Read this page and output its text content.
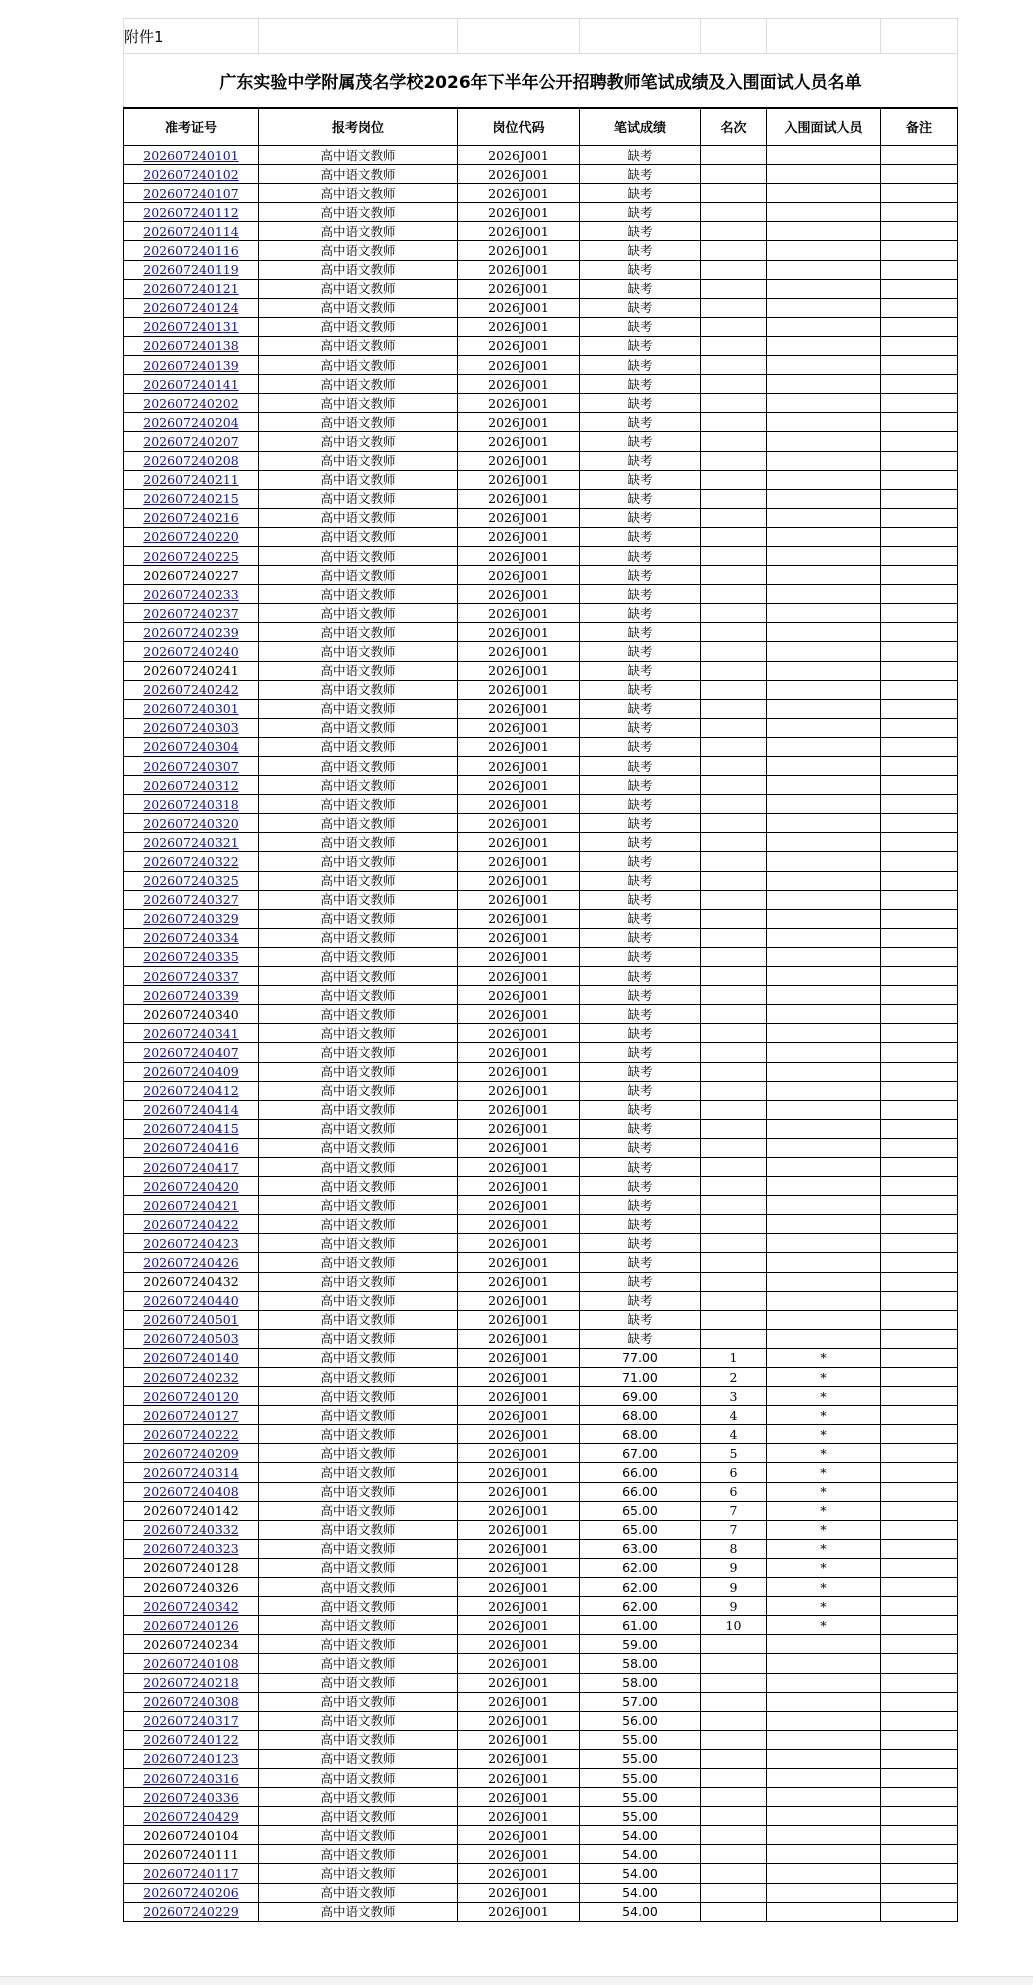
附件1						
广东实验中学附属茂名学校2026年下半年公开招聘教师笔试成绩及入围面试人员名单						
准考证号	报考岗位	岗位代码	笔试成绩	名次	入围面试人员	备注
202607240101	高中语文教师	2026J001	缺考			
202607240102	高中语文教师	2026J001	缺考			
202607240107	高中语文教师	2026J001	缺考			
202607240112	高中语文教师	2026J001	缺考			
202607240114	高中语文教师	2026J001	缺考			
202607240116	高中语文教师	2026J001	缺考			
202607240119	高中语文教师	2026J001	缺考			
202607240121	高中语文教师	2026J001	缺考			
202607240124	高中语文教师	2026J001	缺考			
202607240131	高中语文教师	2026J001	缺考			
202607240138	高中语文教师	2026J001	缺考			
202607240139	高中语文教师	2026J001	缺考			
202607240141	高中语文教师	2026J001	缺考			
202607240202	高中语文教师	2026J001	缺考			
202607240204	高中语文教师	2026J001	缺考			
202607240207	高中语文教师	2026J001	缺考			
202607240208	高中语文教师	2026J001	缺考			
202607240211	高中语文教师	2026J001	缺考			
202607240215	高中语文教师	2026J001	缺考			
202607240216	高中语文教师	2026J001	缺考			
202607240220	高中语文教师	2026J001	缺考			
202607240225	高中语文教师	2026J001	缺考			
202607240227	高中语文教师	2026J001	缺考			
202607240233	高中语文教师	2026J001	缺考			
202607240237	高中语文教师	2026J001	缺考			
202607240239	高中语文教师	2026J001	缺考			
202607240240	高中语文教师	2026J001	缺考			
202607240241	高中语文教师	2026J001	缺考			
202607240242	高中语文教师	2026J001	缺考			
202607240301	高中语文教师	2026J001	缺考			
202607240303	高中语文教师	2026J001	缺考			
202607240304	高中语文教师	2026J001	缺考			
202607240307	高中语文教师	2026J001	缺考			
202607240312	高中语文教师	2026J001	缺考			
202607240318	高中语文教师	2026J001	缺考			
202607240320	高中语文教师	2026J001	缺考			
202607240321	高中语文教师	2026J001	缺考			
202607240322	高中语文教师	2026J001	缺考			
202607240325	高中语文教师	2026J001	缺考			
202607240327	高中语文教师	2026J001	缺考			
202607240329	高中语文教师	2026J001	缺考			
202607240334	高中语文教师	2026J001	缺考			
202607240335	高中语文教师	2026J001	缺考			
202607240337	高中语文教师	2026J001	缺考			
202607240339	高中语文教师	2026J001	缺考			
202607240340	高中语文教师	2026J001	缺考			
202607240341	高中语文教师	2026J001	缺考			
202607240407	高中语文教师	2026J001	缺考			
202607240409	高中语文教师	2026J001	缺考			
202607240412	高中语文教师	2026J001	缺考			
202607240414	高中语文教师	2026J001	缺考			
202607240415	高中语文教师	2026J001	缺考			
202607240416	高中语文教师	2026J001	缺考			
202607240417	高中语文教师	2026J001	缺考			
202607240420	高中语文教师	2026J001	缺考			
202607240421	高中语文教师	2026J001	缺考			
202607240422	高中语文教师	2026J001	缺考			
202607240423	高中语文教师	2026J001	缺考			
202607240426	高中语文教师	2026J001	缺考			
202607240432	高中语文教师	2026J001	缺考			
202607240440	高中语文教师	2026J001	缺考			
202607240501	高中语文教师	2026J001	缺考			
202607240503	高中语文教师	2026J001	缺考			
202607240140	高中语文教师	2026J001	77.00	1	*	
202607240232	高中语文教师	2026J001	71.00	2	*	
202607240120	高中语文教师	2026J001	69.00	3	*	
202607240127	高中语文教师	2026J001	68.00	4	*	
202607240222	高中语文教师	2026J001	68.00	4	*	
202607240209	高中语文教师	2026J001	67.00	5	*	
202607240314	高中语文教师	2026J001	66.00	6	*	
202607240408	高中语文教师	2026J001	66.00	6	*	
202607240142	高中语文教师	2026J001	65.00	7	*	
202607240332	高中语文教师	2026J001	65.00	7	*	
202607240323	高中语文教师	2026J001	63.00	8	*	
202607240128	高中语文教师	2026J001	62.00	9	*	
202607240326	高中语文教师	2026J001	62.00	9	*	
202607240342	高中语文教师	2026J001	62.00	9	*	
202607240126	高中语文教师	2026J001	61.00	10	*	
202607240234	高中语文教师	2026J001	59.00			
202607240108	高中语文教师	2026J001	58.00			
202607240218	高中语文教师	2026J001	58.00			
202607240308	高中语文教师	2026J001	57.00			
202607240317	高中语文教师	2026J001	56.00			
202607240122	高中语文教师	2026J001	55.00			
202607240123	高中语文教师	2026J001	55.00			
202607240316	高中语文教师	2026J001	55.00			
202607240336	高中语文教师	2026J001	55.00			
202607240429	高中语文教师	2026J001	55.00			
202607240104	高中语文教师	2026J001	54.00			
202607240111	高中语文教师	2026J001	54.00			
202607240117	高中语文教师	2026J001	54.00			
202607240206	高中语文教师	2026J001	54.00			
202607240229	高中语文教师	2026J001	54.00			
